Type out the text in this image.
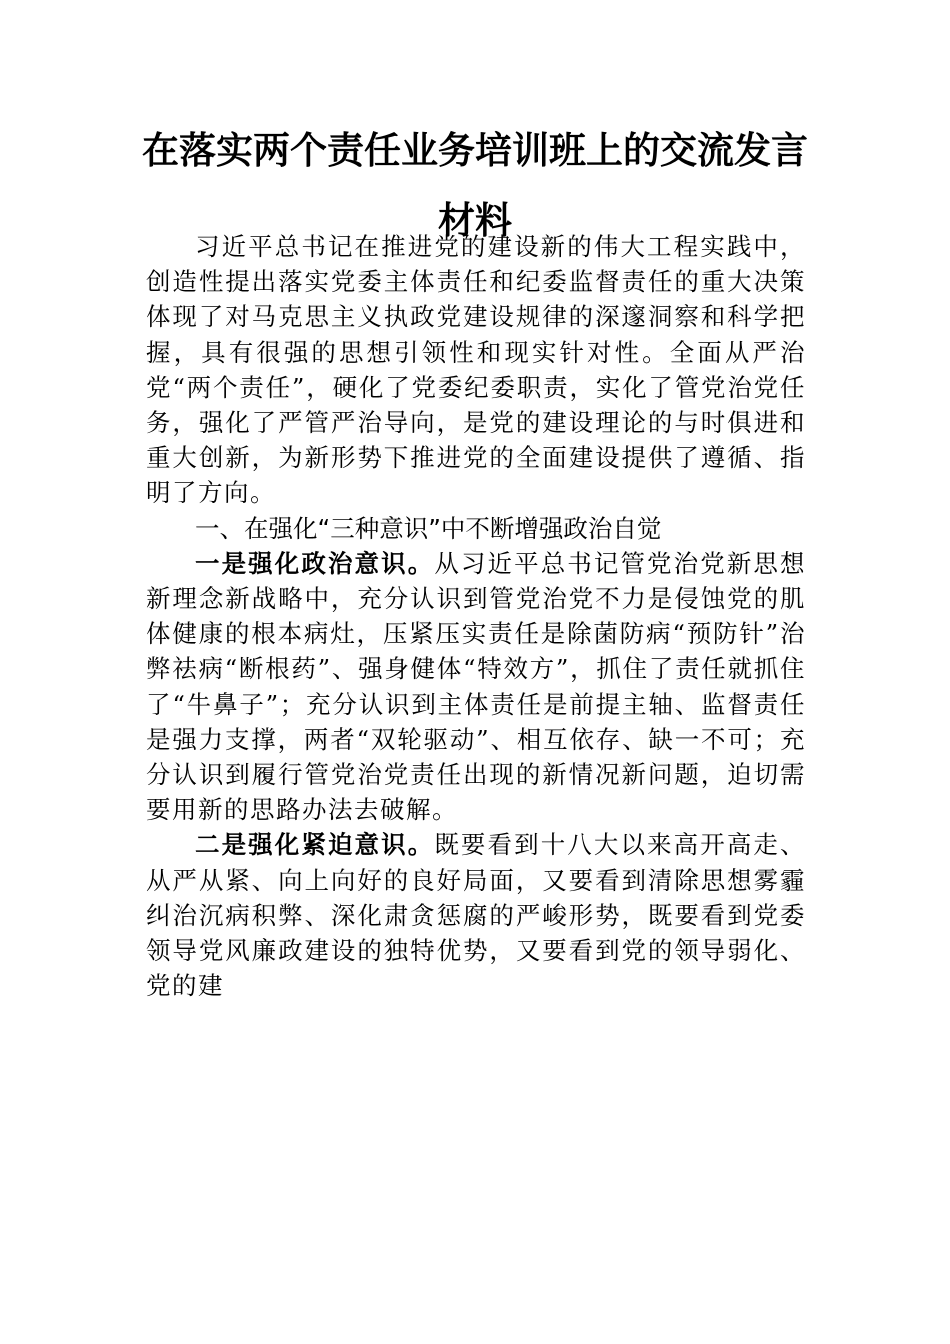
在落实两个责任业务培训班上的交流发言
材料

习近平总书记在推进党的建设新的伟大工程实践中，创造性提出落实党委主体责任和纪委监督责任的重大决策体现了对马克思主义执政党建设规律的深邃洞察和科学把握，具有很强的思想引领性和现实针对性。全面从严治党“两个责任”，硬化了党委纪委职责，实化了管党治党任务，强化了严管严治导向，是党的建设理论的与时俱进和重大创新，为新形势下推进党的全面建设提供了遵循、指明了方向。

一、在强化“三种意识”中不断增强政治自觉

一是强化政治意识。从习近平总书记管党治党新思想新理念新战略中，充分认识到管党治党不力是侵蚀党的肌体健康的根本病灶，压紧压实责任是除菌防病“预防针”治弊祛病“断根药”、强身健体“特效方”，抓住了责任就抓住了“牛鼻子”；充分认识到主体责任是前提主轴、监督责任是强力支撑，两者“双轮驱动”、相互依存、缺一不可；充分认识到履行管党治党责任出现的新情况新问题，迫切需要用新的思路办法去破解。

二是强化紧迫意识。既要看到十八大以来高开高走、从严从紧、向上向好的良好局面，又要看到清除思想雾霾纠治沉病积弊、深化肃贪惩腐的严峻形势，既要看到党委领导党风廉政建设的独特优势，又要看到党的领导弱化、党的建
